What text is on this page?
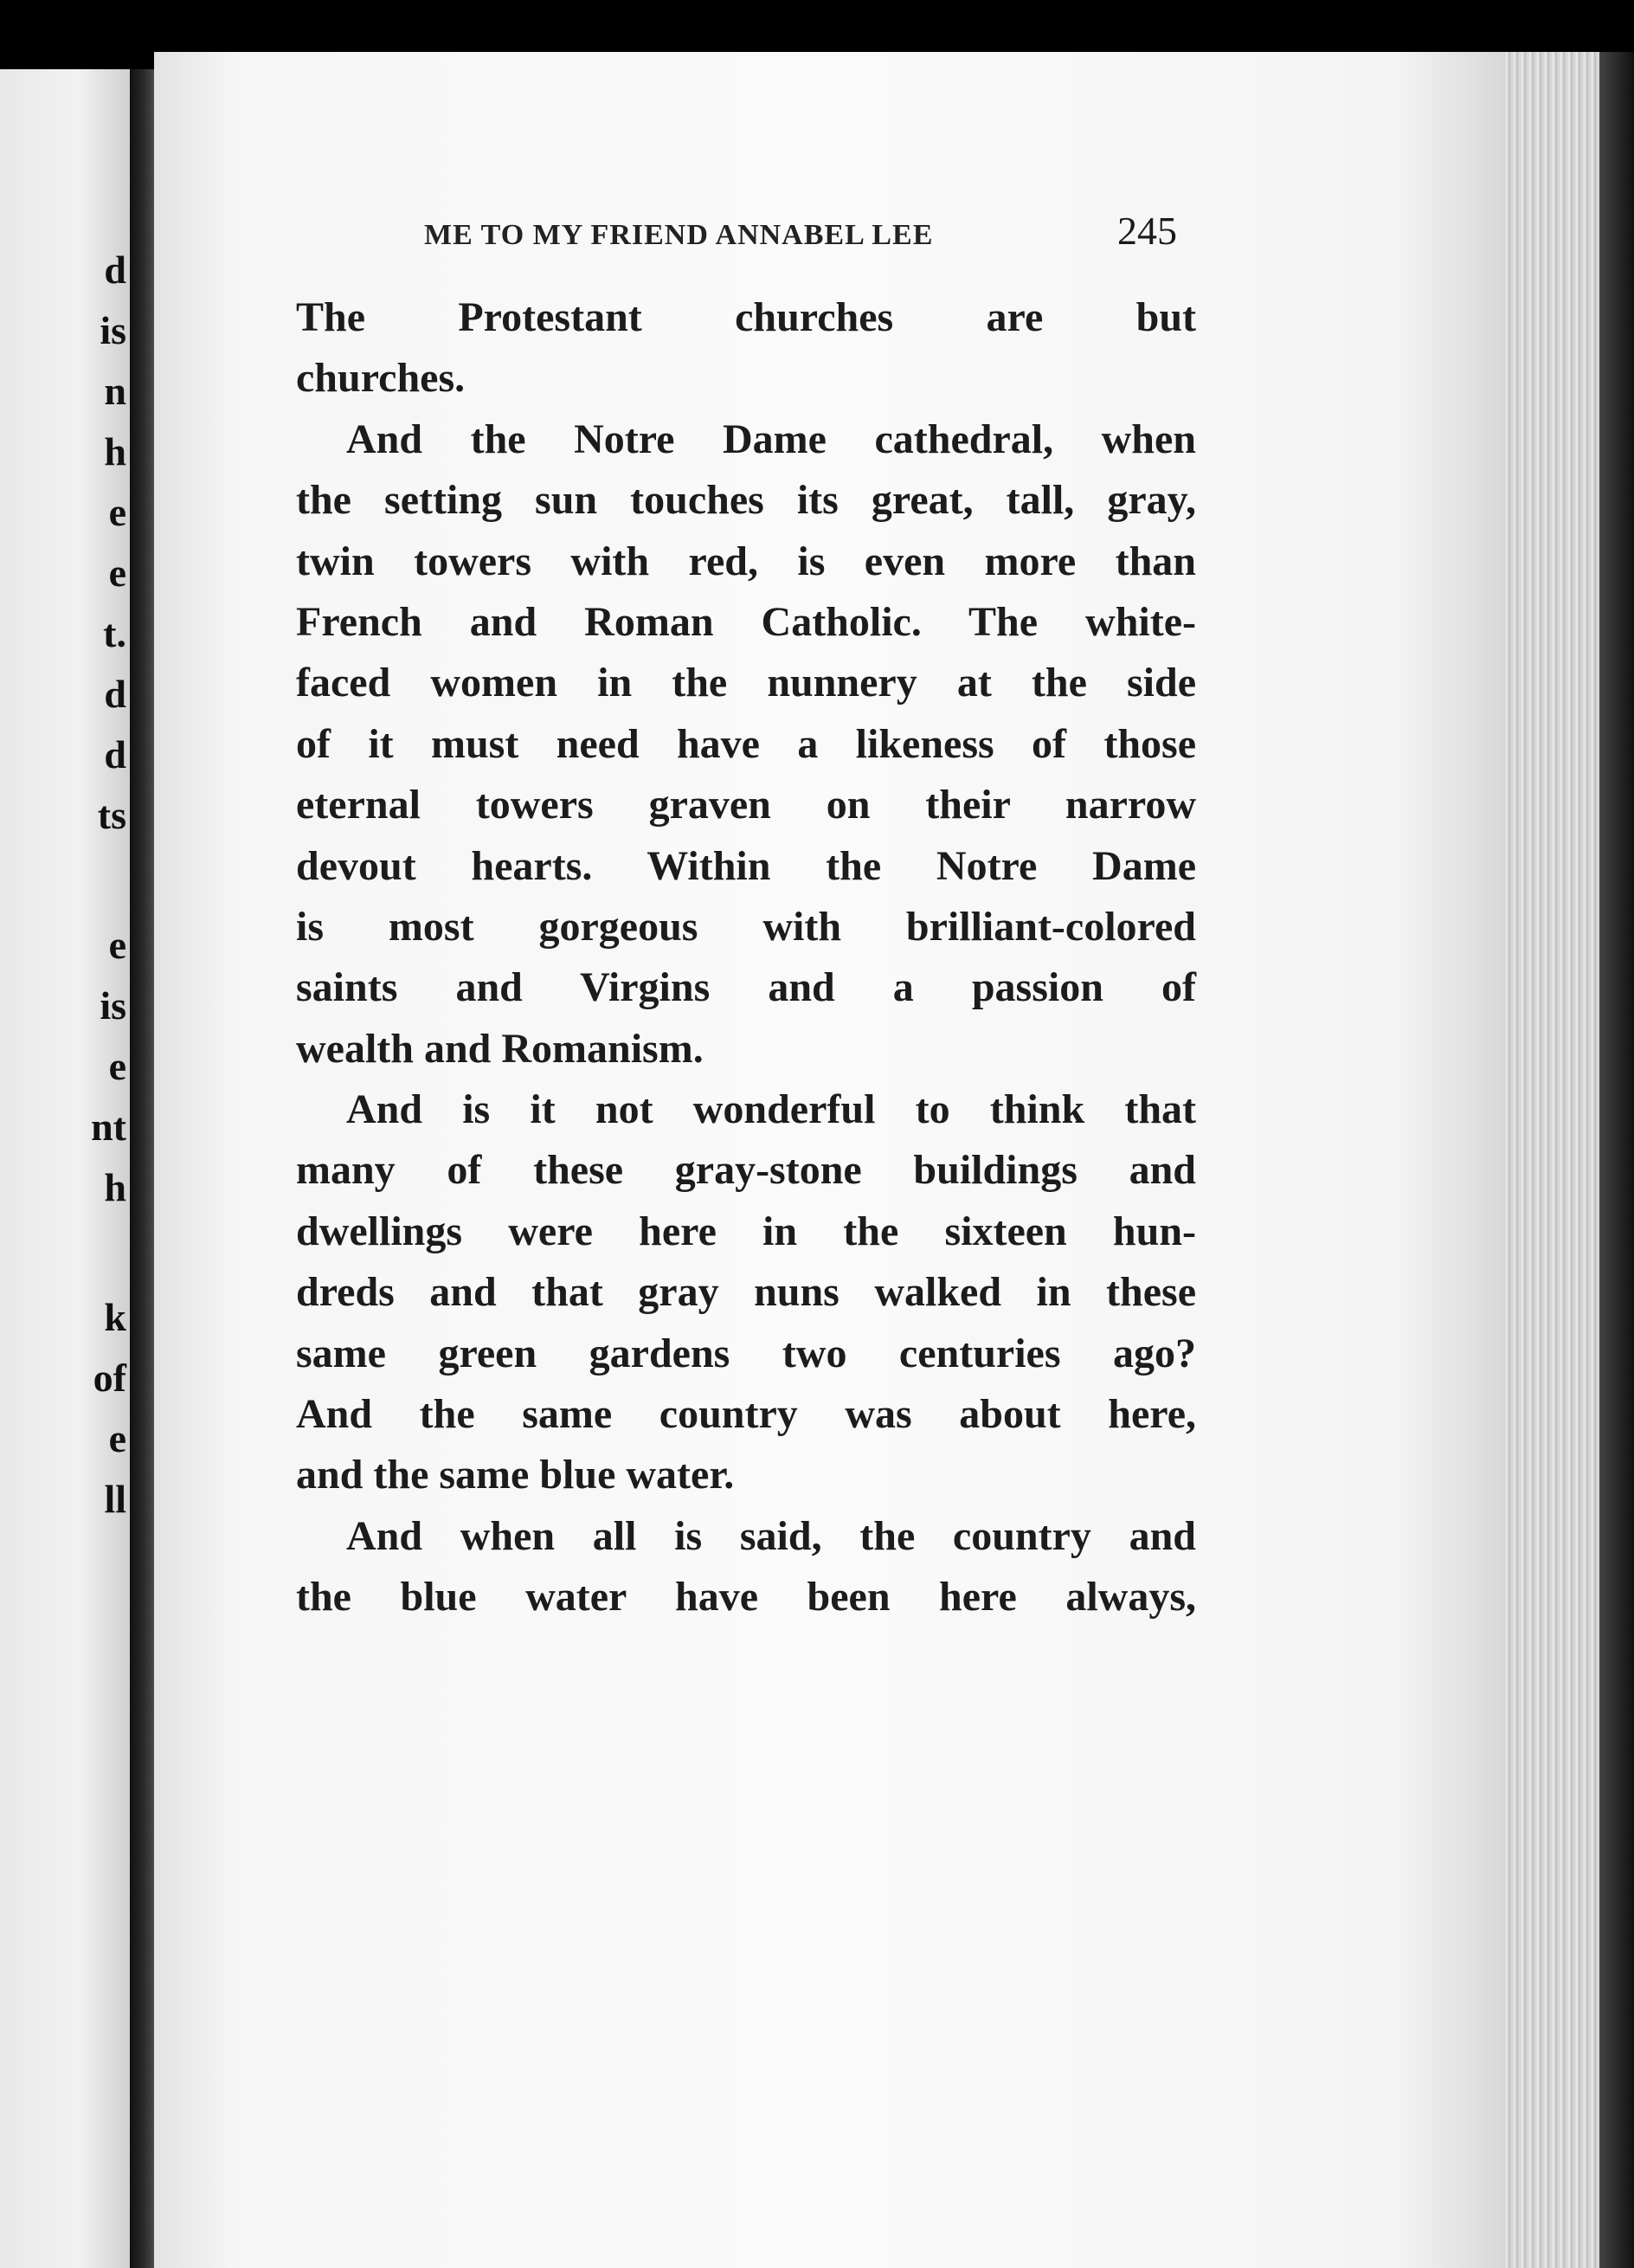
d
is
n
h
e
e
t.
d
d
ts
e
is
e
nt
h
k
of
e
ll
ME TO MY FRIEND ANNABEL LEE	245
The Protestant churches are but
churches.
And the Notre Dame cathedral, when
the setting sun touches its great, tall, gray,
twin towers with red, is even more than
French and Roman Catholic. The white-
faced women in the nunnery at the side
of it must need have a likeness of those
eternal towers graven on their narrow
devout hearts. Within the Notre Dame
is most gorgeous with brilliant-colored
saints and Virgins and a passion of
wealth and Romanism.
And is it not wonderful to think that
many of these gray-stone buildings and
dwellings were here in the sixteen hun-
dreds and that gray nuns walked in these
same green gardens two centuries ago?
And the same country was about here,
and the same blue water.
And when all is said, the country and
the blue water have been here always,
